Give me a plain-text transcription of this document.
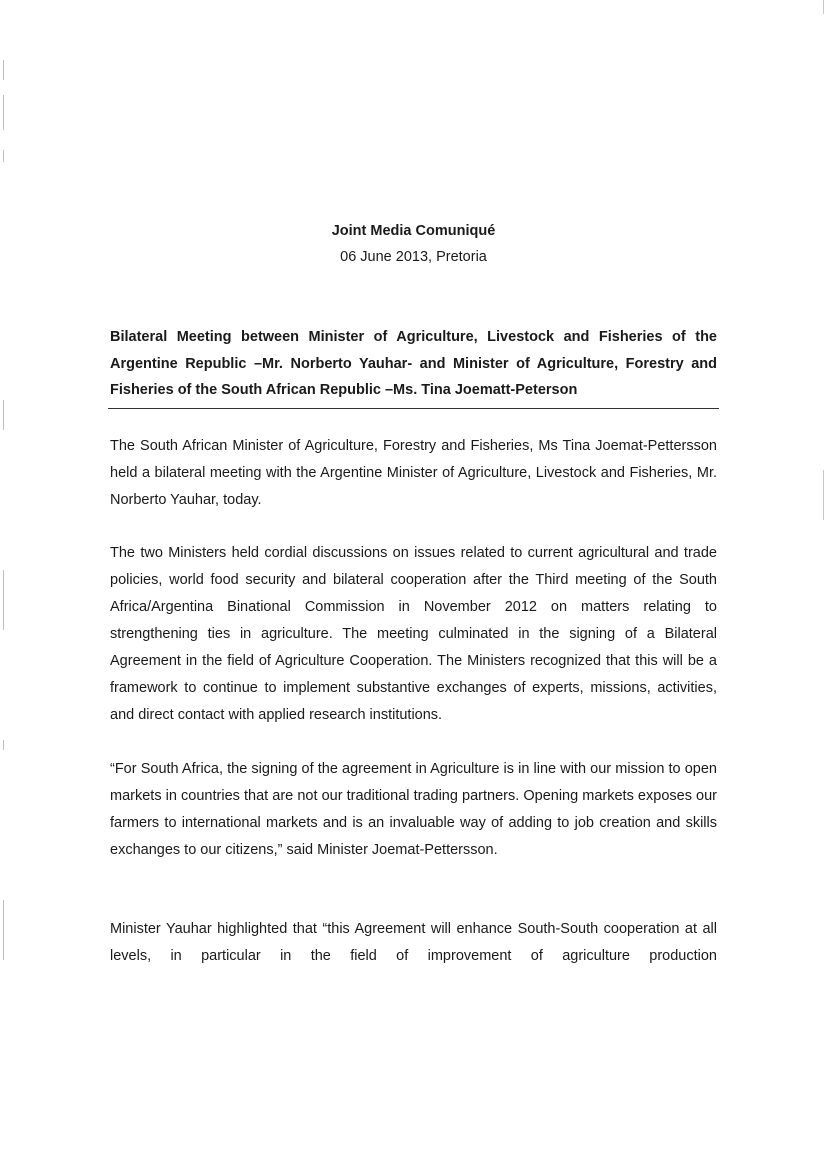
Joint Media Comuniqué
06 June 2013, Pretoria
Bilateral Meeting between Minister of Agriculture, Livestock and Fisheries of the Argentine Republic –Mr. Norberto Yauhar- and Minister of Agriculture, Forestry and Fisheries of the South African Republic –Ms. Tina Joematt-Peterson
The South African Minister of Agriculture, Forestry and Fisheries, Ms Tina Joemat-Pettersson held a bilateral meeting with the Argentine Minister of Agriculture, Livestock and Fisheries, Mr. Norberto Yauhar, today.
The two Ministers held cordial discussions on issues related to current agricultural and trade policies, world food security and bilateral cooperation after the Third meeting of the South Africa/Argentina Binational Commission in November 2012 on matters relating to strengthening ties in agriculture. The meeting culminated in the signing of a Bilateral Agreement in the field of Agriculture Cooperation. The Ministers recognized that this will be a framework to continue to implement substantive exchanges of experts, missions, activities, and direct contact with applied research institutions.
“For South Africa, the signing of the agreement in Agriculture is in line with our mission to open markets in countries that are not our traditional trading partners. Opening markets exposes our farmers to international markets and is an invaluable way of adding to job creation and skills exchanges to our citizens,” said Minister Joemat-Pettersson.
Minister Yauhar highlighted that “this Agreement will enhance South-South cooperation at all levels, in particular in the field of improvement of agriculture production
